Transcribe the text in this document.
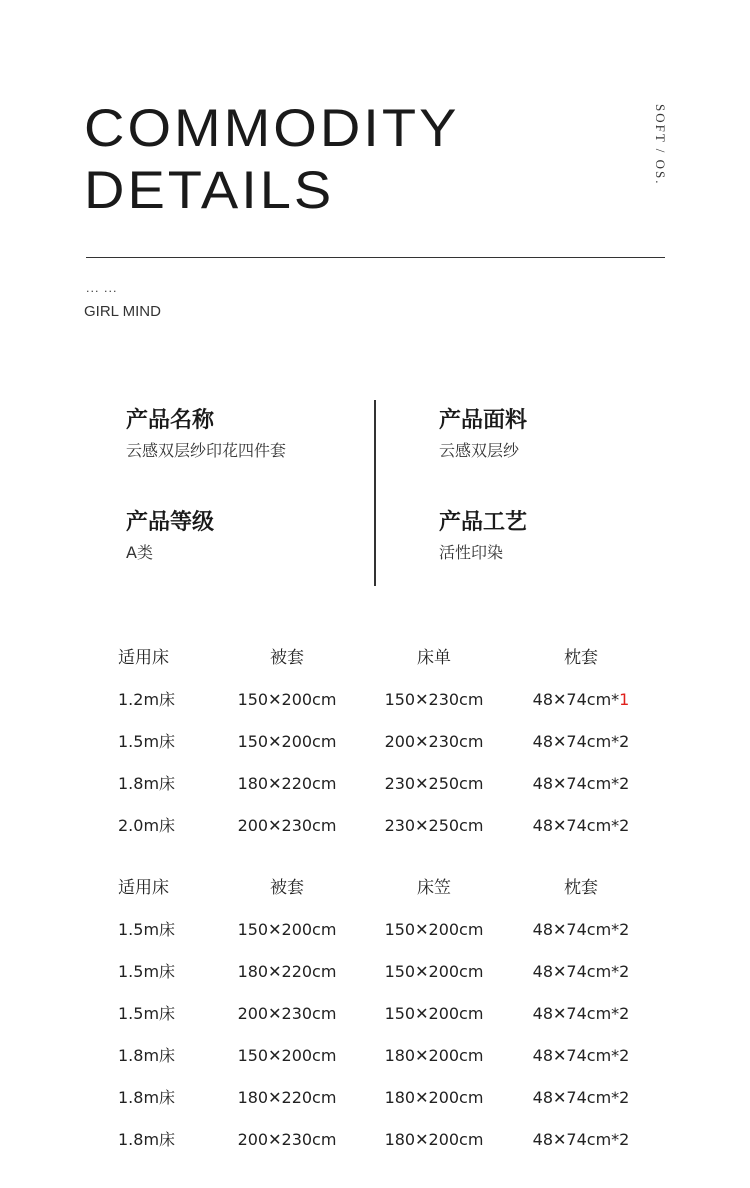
COMMODITY
DETAILS
SOFT / OS.
... ...
GIRL MIND
产品名称
云感双层纱印花四件套
产品面料
云感双层纱
产品等级
A类
产品工艺
活性印染
适用床	被套	床单	枕套
1.2m床	150✕200cm	150✕230cm	48✕74cm*1
1.5m床	150✕200cm	200✕230cm	48✕74cm*2
1.8m床	180✕220cm	230✕250cm	48✕74cm*2
2.0m床	200✕230cm	230✕250cm	48✕74cm*2
适用床	被套	床笠	枕套
1.5m床	150✕200cm	150✕200cm	48✕74cm*2
1.5m床	180✕220cm	150✕200cm	48✕74cm*2
1.5m床	200✕230cm	150✕200cm	48✕74cm*2
1.8m床	150✕200cm	180✕200cm	48✕74cm*2
1.8m床	180✕220cm	180✕200cm	48✕74cm*2
1.8m床	200✕230cm	180✕200cm	48✕74cm*2
